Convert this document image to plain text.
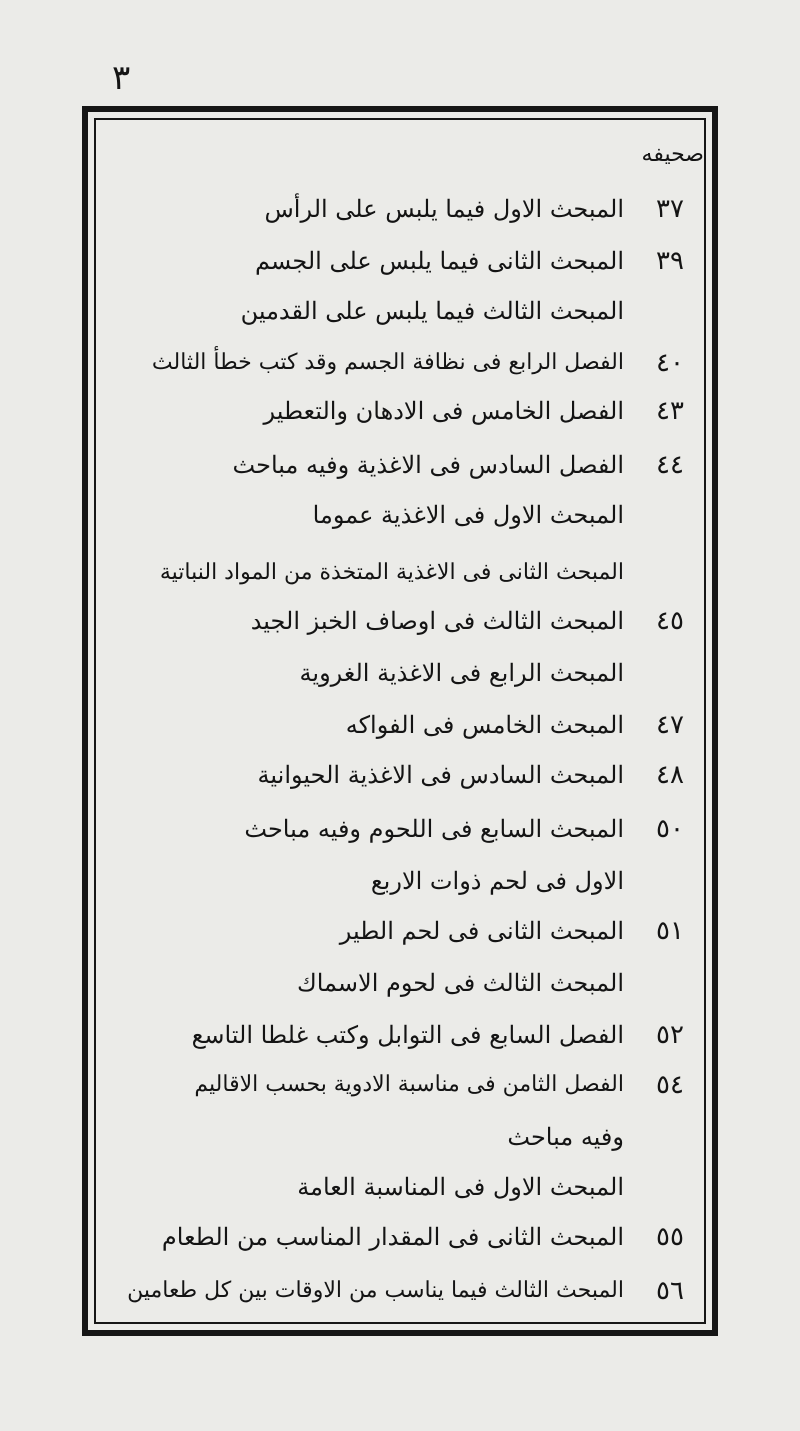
٣
صحيفه
٣٧
المبحث الاول فيما يلبس على الرأس
٣٩
المبحث الثانى فيما يلبس على الجسم
المبحث الثالث فيما يلبس على القدمين
٤٠
الفصل الرابع فى نظافة الجسم وقد كتب خطأ الثالث
٤٣
الفصل الخامس فى الادهان والتعطير
٤٤
الفصل السادس فى الاغذية وفيه مباحث
المبحث الاول فى الاغذية عموما
المبحث الثانى فى الاغذية المتخذة من المواد النباتية
٤٥
المبحث الثالث فى اوصاف الخبز الجيد
المبحث الرابع فى الاغذية الغروية
٤٧
المبحث الخامس فى الفواكه
٤٨
المبحث السادس فى الاغذية الحيوانية
٥٠
المبحث السابع فى اللحوم وفيه مباحث
الاول فى لحم ذوات الاربع
٥١
المبحث الثانى فى لحم الطير
المبحث الثالث فى لحوم الاسماك
٥٢
الفصل السابع فى التوابل وكتب غلطا التاسع
٥٤
الفصل الثامن فى مناسبة الادوية بحسب الاقاليم
وفيه مباحث
المبحث الاول فى المناسبة العامة
٥٥
المبحث الثانى فى المقدار المناسب من الطعام
٥٦
المبحث الثالث فيما يناسب من الاوقات بين كل طعامين
